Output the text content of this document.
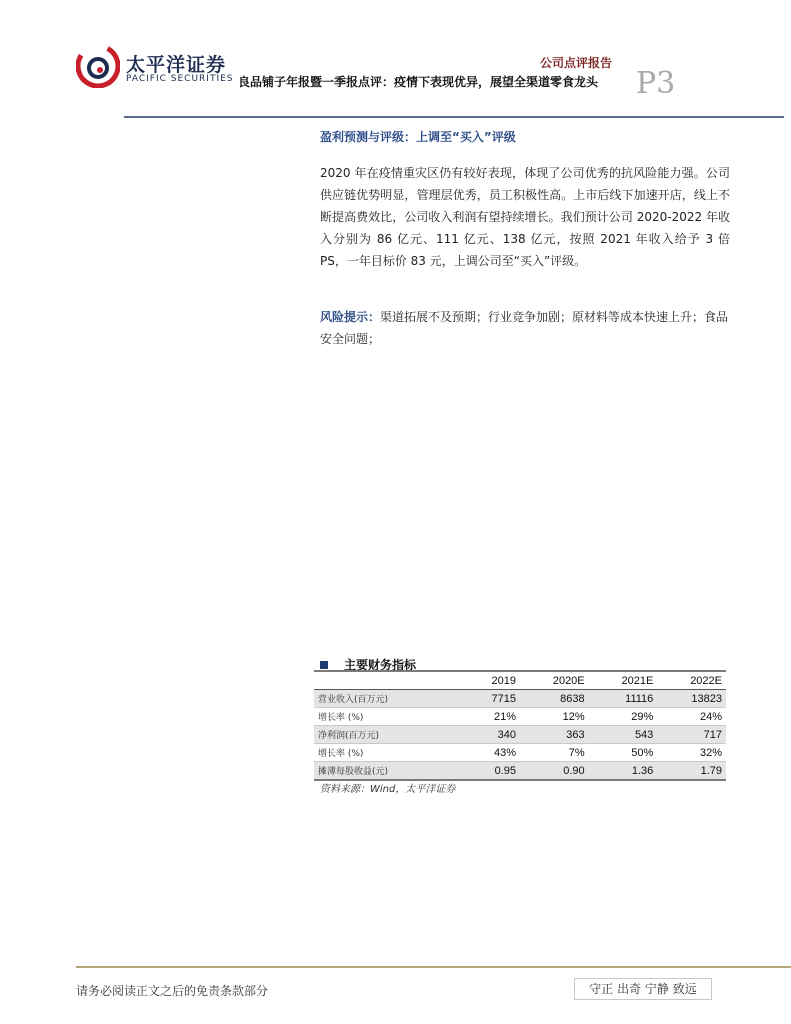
太平洋证券
PACIFIC SECURITIES
公司点评报告
良品铺子年报暨一季报点评：疫情下表现优异，展望全渠道零食龙头	P3
盈利预测与评级：上调至“买入”评级
2020 年在疫情重灾区仍有较好表现，体现了公司优秀的抗风险能力强。公司供应链优势明显，管理层优秀，员工积极性高。上市后线下加速开店，线上不断提高费效比，公司收入利润有望持续增长。我们预计公司 2020-2022 年收入分别为 86 亿元、111 亿元、138 亿元，按照 2021 年收入给予 3 倍 PS，一年目标价 83 元，上调公司至“买入”评级。
风险提示：渠道拓展不及预期；行业竞争加剧；原材料等成本快速上升；食品安全问题；
主要财务指标
	2019	2020E	2021E	2022E
营业收入(百万元)	7715	8638	11116	13823
增长率 (%)	21%	12%	29%	24%
净利润(百万元)	340	363	543	717
增长率 (%)	43%	7%	50%	32%
摊薄每股收益(元)	0.95	0.90	1.36	1.79
资料来源：Wind，太平洋证券
请务必阅读正文之后的免责条款部分	守正 出奇 宁静 致远
